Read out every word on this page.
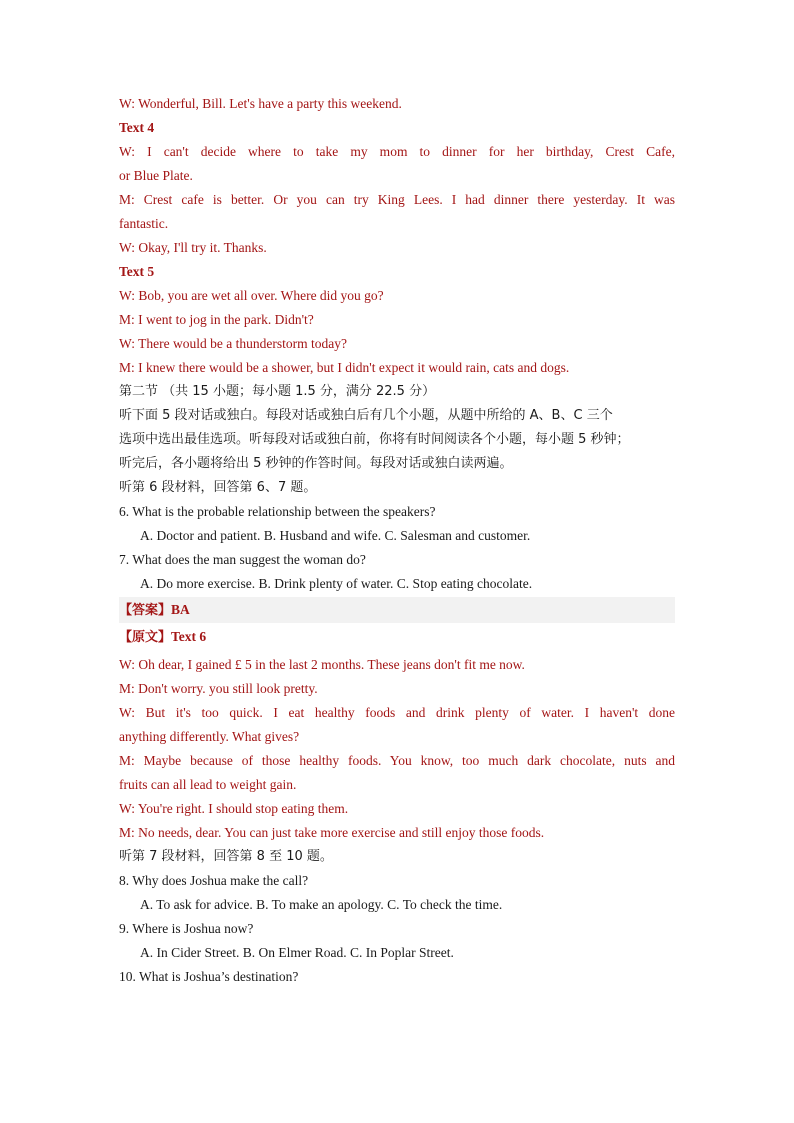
W: Wonderful, Bill. Let's have a party this weekend.
Text 4
W: I can't decide where to take my mom to dinner for her birthday, Crest Cafe,
or Blue Plate.
M: Crest cafe is better. Or you can try King Lees. I had dinner there yesterday. It was
fantastic.
W: Okay, I'll try it. Thanks.
Text 5
W: Bob, you are wet all over. Where did you go?
M: I went to jog in the park. Didn't?
W: There would be a thunderstorm today?
M: I knew there would be a shower, but I didn't expect it would rain, cats and dogs.
第二节 （共 15 小题；每小题 1.5 分，满分 22.5 分）
听下面 5 段对话或独白。每段对话或独白后有几个小题，从题中所给的 A、B、C 三个
选项中选出最佳选项。听每段对话或独白前，你将有时间阅读各个小题，每小题 5 秒钟；
听完后，各小题将给出 5 秒钟的作答时间。每段对话或独白读两遍。
听第 6 段材料，回答第 6、7 题。
6. What is the probable relationship between the speakers?
A. Doctor and patient. B. Husband and wife. C. Salesman and customer.
7. What does the man suggest the woman do?
A. Do more exercise. B. Drink plenty of water. C. Stop eating chocolate.
【答案】BA
【原文】Text 6
W: Oh dear, I gained £ 5 in the last 2 months. These jeans don't fit me now.
M: Don't worry. you still look pretty.
W: But it's too quick. I eat healthy foods and drink plenty of water. I haven't done
anything differently. What gives?
M: Maybe because of those healthy foods. You know, too much dark chocolate, nuts and
fruits can all lead to weight gain.
W: You're right. I should stop eating them.
M: No needs, dear. You can just take more exercise and still enjoy those foods.
听第 7 段材料，回答第 8 至 10 题。
8. Why does Joshua make the call?
A. To ask for advice. B. To make an apology. C. To check the time.
9. Where is Joshua now?
A. In Cider Street. B. On Elmer Road. C. In Poplar Street.
10. What is Joshua’s destination?
